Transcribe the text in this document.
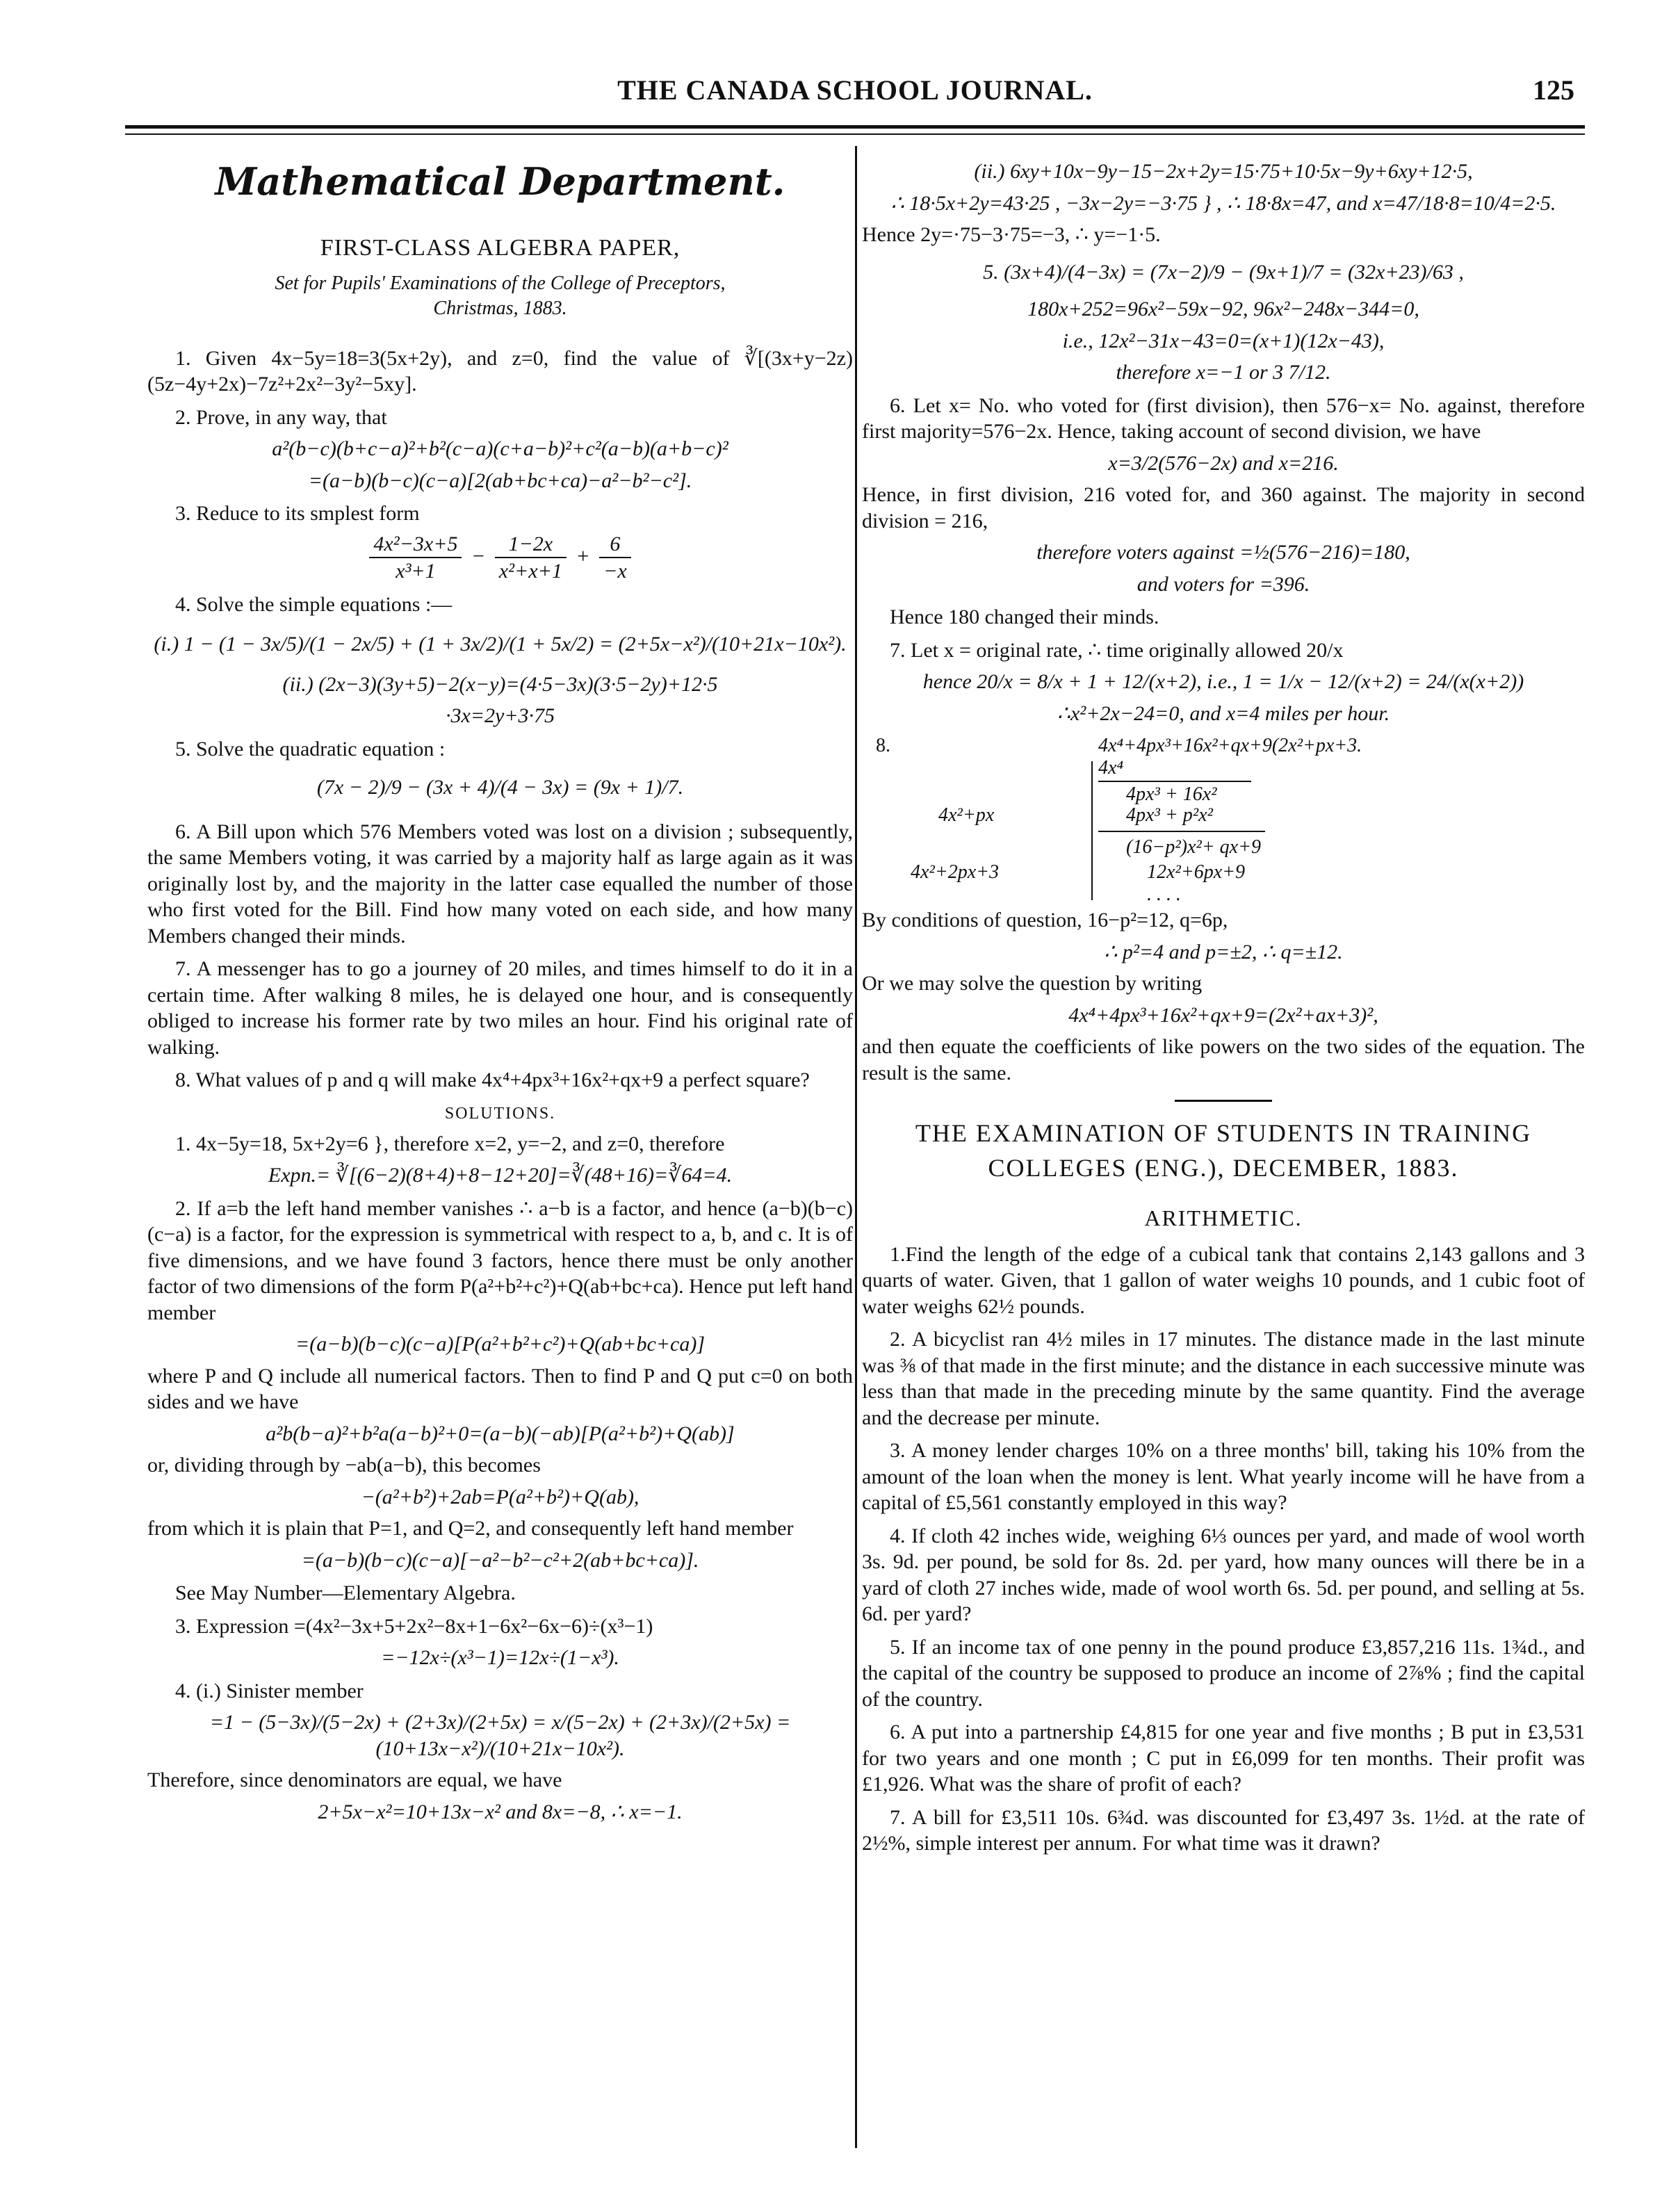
THE CANADA SCHOOL JOURNAL.	125
Mathematical Department.
FIRST-CLASS ALGEBRA PAPER,
Set for Pupils' Examinations of the College of Preceptors,
Christmas, 1883.

1. Given 4x−5y=18=3(5x+2y), and z=0, find the value of ∛[(3x+y−2z) (5z−4y+2x)−7z²+2x²−3y²−5xy].

2. Prove, in any way, that

a²(b−c)(b+c−a)²+b²(c−a)(c+a−b)²+c²(a−b)(a+b−c)²
=(a−b)(b−c)(c−a)[2(ab+bc+ca)−a²−b²−c²].

3. Reduce to its smplest form

$\frac{\text{4x²−3x+5}}{\text{x³+1}} - \frac{1-2x}{\text{x²+x+1}} + \frac{6}{-x}$

4. Solve the simple equations :—

(i.) 1 − (1 − 3x/5)/(1 − 2x/5) + (1 + 3x/2)/(1 + 5x/2) = (2+5x−x²)/(10+21x−10x²).
(ii.) (2x−3)(3y+5)−2(x−y)=(4·5−3x)(3·5−2y)+12·5
·3x=2y+3·75

5. Solve the quadratic equation :

(7x − 2)/9 − (3x + 4)/(4 − 3x) = (9x + 1)/7.

6. A Bill upon which 576 Members voted was lost on a division ; subsequently, the same Members voting, it was carried by a majority half as large again as it was originally lost by, and the majority in the latter case equalled the number of those who first voted for the Bill. Find how many voted on each side, and how many Members changed their minds.

7. A messenger has to go a journey of 20 miles, and times himself to do it in a certain time. After walking 8 miles, he is delayed one hour, and is consequently obliged to increase his former rate by two miles an hour. Find his original rate of walking.

8. What values of p and q will make 4x⁴+4px³+16x²+qx+9 a perfect square?

SOLUTIONS.

1. 4x−5y=18, 5x+2y=6 }, therefore x=2, y=−2, and z=0, therefore

Expn.= ∛[(6−2)(8+4)+8−12+20]=∛(48+16)=∛64=4.

2. If a=b the left hand member vanishes ∴ a−b is a factor, and hence (a−b)(b−c)(c−a) is a factor, for the expression is symmetrical with respect to a, b, and c. It is of five dimensions, and we have found 3 factors, hence there must be only another factor of two dimensions of the form P(a²+b²+c²)+Q(ab+bc+ca). Hence put left hand member

=(a−b)(b−c)(c−a)[P(a²+b²+c²)+Q(ab+bc+ca)]

where P and Q include all numerical factors. Then to find P and Q put c=0 on both sides and we have

a²b(b−a)²+b²a(a−b)²+0=(a−b)(−ab)[P(a²+b²)+Q(ab)]

or, dividing through by −ab(a−b), this becomes

−(a²+b²)+2ab=P(a²+b²)+Q(ab),

from which it is plain that P=1, and Q=2, and consequently left hand member

=(a−b)(b−c)(c−a)[−a²−b²−c²+2(ab+bc+ca)].

See May Number—Elementary Algebra.

3. Expression =(4x²−3x+5+2x²−8x+1−6x²−6x−6)÷(x³−1)

=−12x÷(x³−1)=12x÷(1−x³).

4. (i.) Sinister member

=1 − (5−3x)/(5−2x) + (2+3x)/(2+5x) = x/(5−2x) + (2+3x)/(2+5x) = (10+13x−x²)/(10+21x−10x²).

Therefore, since denominators are equal, we have

2+5x−x²=10+13x−x² and 8x=−8, ∴ x=−1.
(ii.) 6xy+10x−9y−15−2x+2y=15·75+10·5x−9y+6xy+12·5,
∴ 18·5x+2y=43·25 , −3x−2y=−3·75 } , ∴ 18·8x=47, and x=47/18·8=10/4=2·5.

Hence 2y=·75−3·75=−3, ∴ y=−1·5.

5. (3x+4)/(4−3x) = (7x−2)/9 − (9x+1)/7 = (32x+23)/63 ,
180x+252=96x²−59x−92, 96x²−248x−344=0,
i.e., 12x²−31x−43=0=(x+1)(12x−43),
therefore x=−1 or 3 7/12.

6. Let x= No. who voted for (first division), then 576−x= No. against, therefore first majority=576−2x. Hence, taking account of second division, we have

x=3/2(576−2x) and x=216.

Hence, in first division, 216 voted for, and 360 against. The majority in second division = 216,

therefore voters against =½(576−216)=180,
and voters for =396.

Hence 180 changed their minds.

7. Let x = original rate, ∴ time originally allowed 20/x

hence 20/x = 8/x + 1 + 12/(x+2), i.e., 1 = 1/x − 12/(x+2) = 24/(x(x+2))
∴x²+2x−24=0, and x=4 miles per hour.
8.	4x⁴+4px³+16x²+qx+9(2x²+px+3.
4x⁴
4px³ + 16x²
4x²+px	4px³ + p²x²
(16−p²)x²+ qx+9
4x²+2px+3	12x²+6px+9
. . . .

By conditions of question, 16−p²=12, q=6p,

∴ p²=4 and p=±2, ∴ q=±12.

Or we may solve the question by writing

4x⁴+4px³+16x²+qx+9=(2x²+ax+3)²,

and then equate the coefficients of like powers on the two sides of the equation. The result is the same.

THE EXAMINATION OF STUDENTS IN TRAINING
COLLEGES (ENG.), DECEMBER, 1883.
ARITHMETIC.

1.Find the length of the edge of a cubical tank that contains 2,143 gallons and 3 quarts of water. Given, that 1 gallon of water weighs 10 pounds, and 1 cubic foot of water weighs 62½ pounds.

2. A bicyclist ran 4½ miles in 17 minutes. The distance made in the last minute was ⅜ of that made in the first minute; and the distance in each successive minute was less than that made in the preceding minute by the same quantity. Find the average and the decrease per minute.

3. A money lender charges 10% on a three months' bill, taking his 10% from the amount of the loan when the money is lent. What yearly income will he have from a capital of £5,561 constantly employed in this way?

4. If cloth 42 inches wide, weighing 6⅓ ounces per yard, and made of wool worth 3s. 9d. per pound, be sold for 8s. 2d. per yard, how many ounces will there be in a yard of cloth 27 inches wide, made of wool worth 6s. 5d. per pound, and selling at 5s. 6d. per yard?

5. If an income tax of one penny in the pound produce £3,857,216 11s. 1¾d., and the capital of the country be supposed to produce an income of 2⅞% ; find the capital of the country.

6. A put into a partnership £4,815 for one year and five months ; B put in £3,531 for two years and one month ; C put in £6,099 for ten months. Their profit was £1,926. What was the share of profit of each?

7. A bill for £3,511 10s. 6¾d. was discounted for £3,497 3s. 1½d. at the rate of 2½%, simple interest per annum. For what time was it drawn?
